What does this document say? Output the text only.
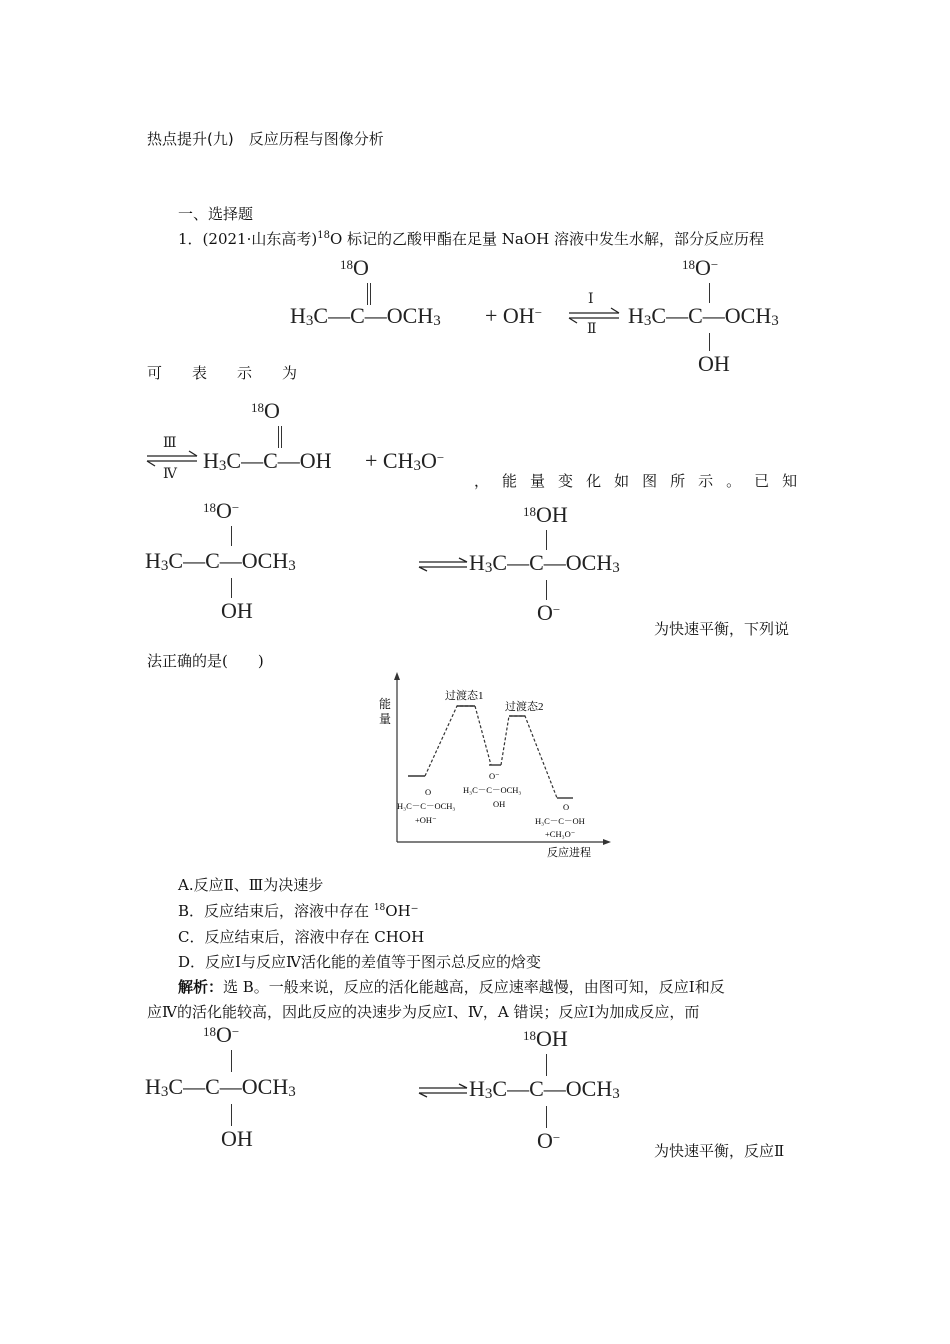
热点提升(九)　反应历程与图像分析
一、选择题
1．(2021·山东高考)$^{18}$O 标记的乙酸甲酯在足量 NaOH 溶液中发生水解，部分反应历程
$^{18}$O
$H_3C—C—OCH_3 + OH^-$ ⇌
Ⅰ
Ⅱ
$^{18}$O−
$H_3C—C—OCH_3$
OH
可 表 示 为
Ⅲ
Ⅳ
$^{18}$O
$H_3C—C—OH + CH_3O^-$
， 能 量 变 化 如 图 所 示 。 已 知
$^{18}$O−
$H_3C—C—OCH_3$
OH
$^{18}$OH
$H_3C—C—OCH_3$
O−
为快速平衡，下列说
法正确的是(　　)
能
量
反应进程
过渡态1
过渡态2
O
H₃C－C－OCH₃
+OH⁻
O⁻
H₃C－C－OCH₃
OH	O
H₃C－C－OH
+CH₃O⁻
A.反应Ⅱ、Ⅲ为决速步
B．反应结束后，溶液中存在 $^{18}$OH⁻
C．反应结束后，溶液中存在 CHOH
D．反应Ⅰ与反应Ⅳ活化能的差值等于图示总反应的焓变
解析：选 B。一般来说，反应的活化能越高，反应速率越慢，由图可知，反应Ⅰ和反
应Ⅳ的活化能较高，因此反应的决速步为反应Ⅰ、Ⅳ，A 错误；反应Ⅰ为加成反应，而
$^{18}$O−
$H_3C—C—OCH_3$
OH
$^{18}$OH
$H_3C—C—OCH_3$
O−
为快速平衡，反应Ⅱ
